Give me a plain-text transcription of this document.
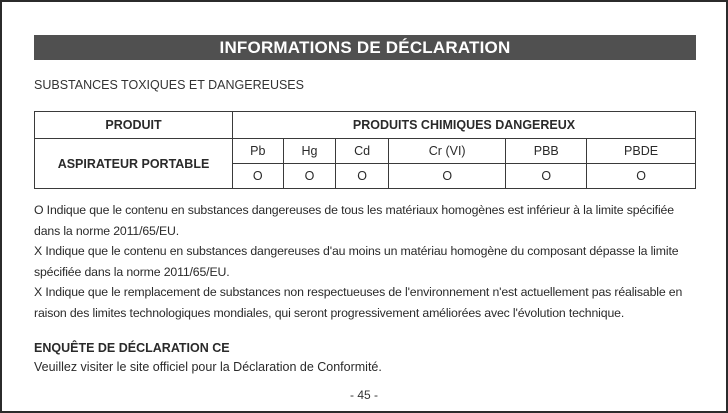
INFORMATIONS DE DÉCLARATION
SUBSTANCES TOXIQUES ET DANGEREUSES
PRODUIT	PRODUITS CHIMIQUES DANGEREUX					
ASPIRATEUR PORTABLE	Pb	Hg	Cd	Cr (VI)	PBB	PBDE
	O	O	O	O	O	O

O Indique que le contenu en substances dangereuses de tous les matériaux homogènes est inférieur à la limite spécifiée dans la norme 2011/65/EU.

X Indique que le contenu en substances dangereuses d'au moins un matériau homogène du composant dépasse la limite spécifiée dans la norme 2011/65/EU.

X Indique que le remplacement de substances non respectueuses de l'environnement n'est actuellement pas réalisable en raison des limites technologiques mondiales, qui seront progressivement améliorées avec l'évolution technique.

ENQUÊTE DE DÉCLARATION CE
Veuillez visiter le site officiel pour la Déclaration de Conformité.
- 45 -
